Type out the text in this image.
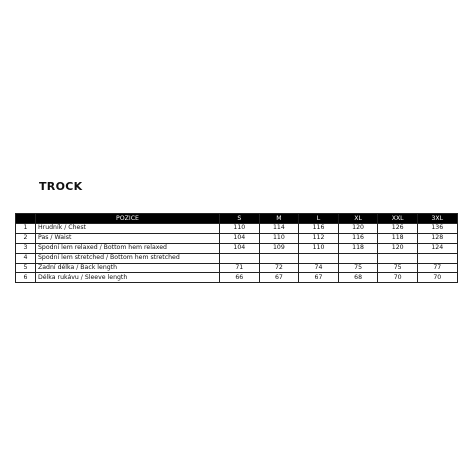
TROCK
	POZICE	S	M	L	XL	XXL	3XL
1	Hrudník / Chest	110	114	116	120	126	136
2	Pas / Waist	104	110	112	116	118	128
3	Spodní lem relaxed / Bottom hem relaxed	104	109	110	118	120	124
4	Spodní lem stretched / Bottom hem stretched						
5	Zadní délka / Back length	71	72	74	75	75	77
6	Délka rukávu / Sleeve length	66	67	67	68	70	70
